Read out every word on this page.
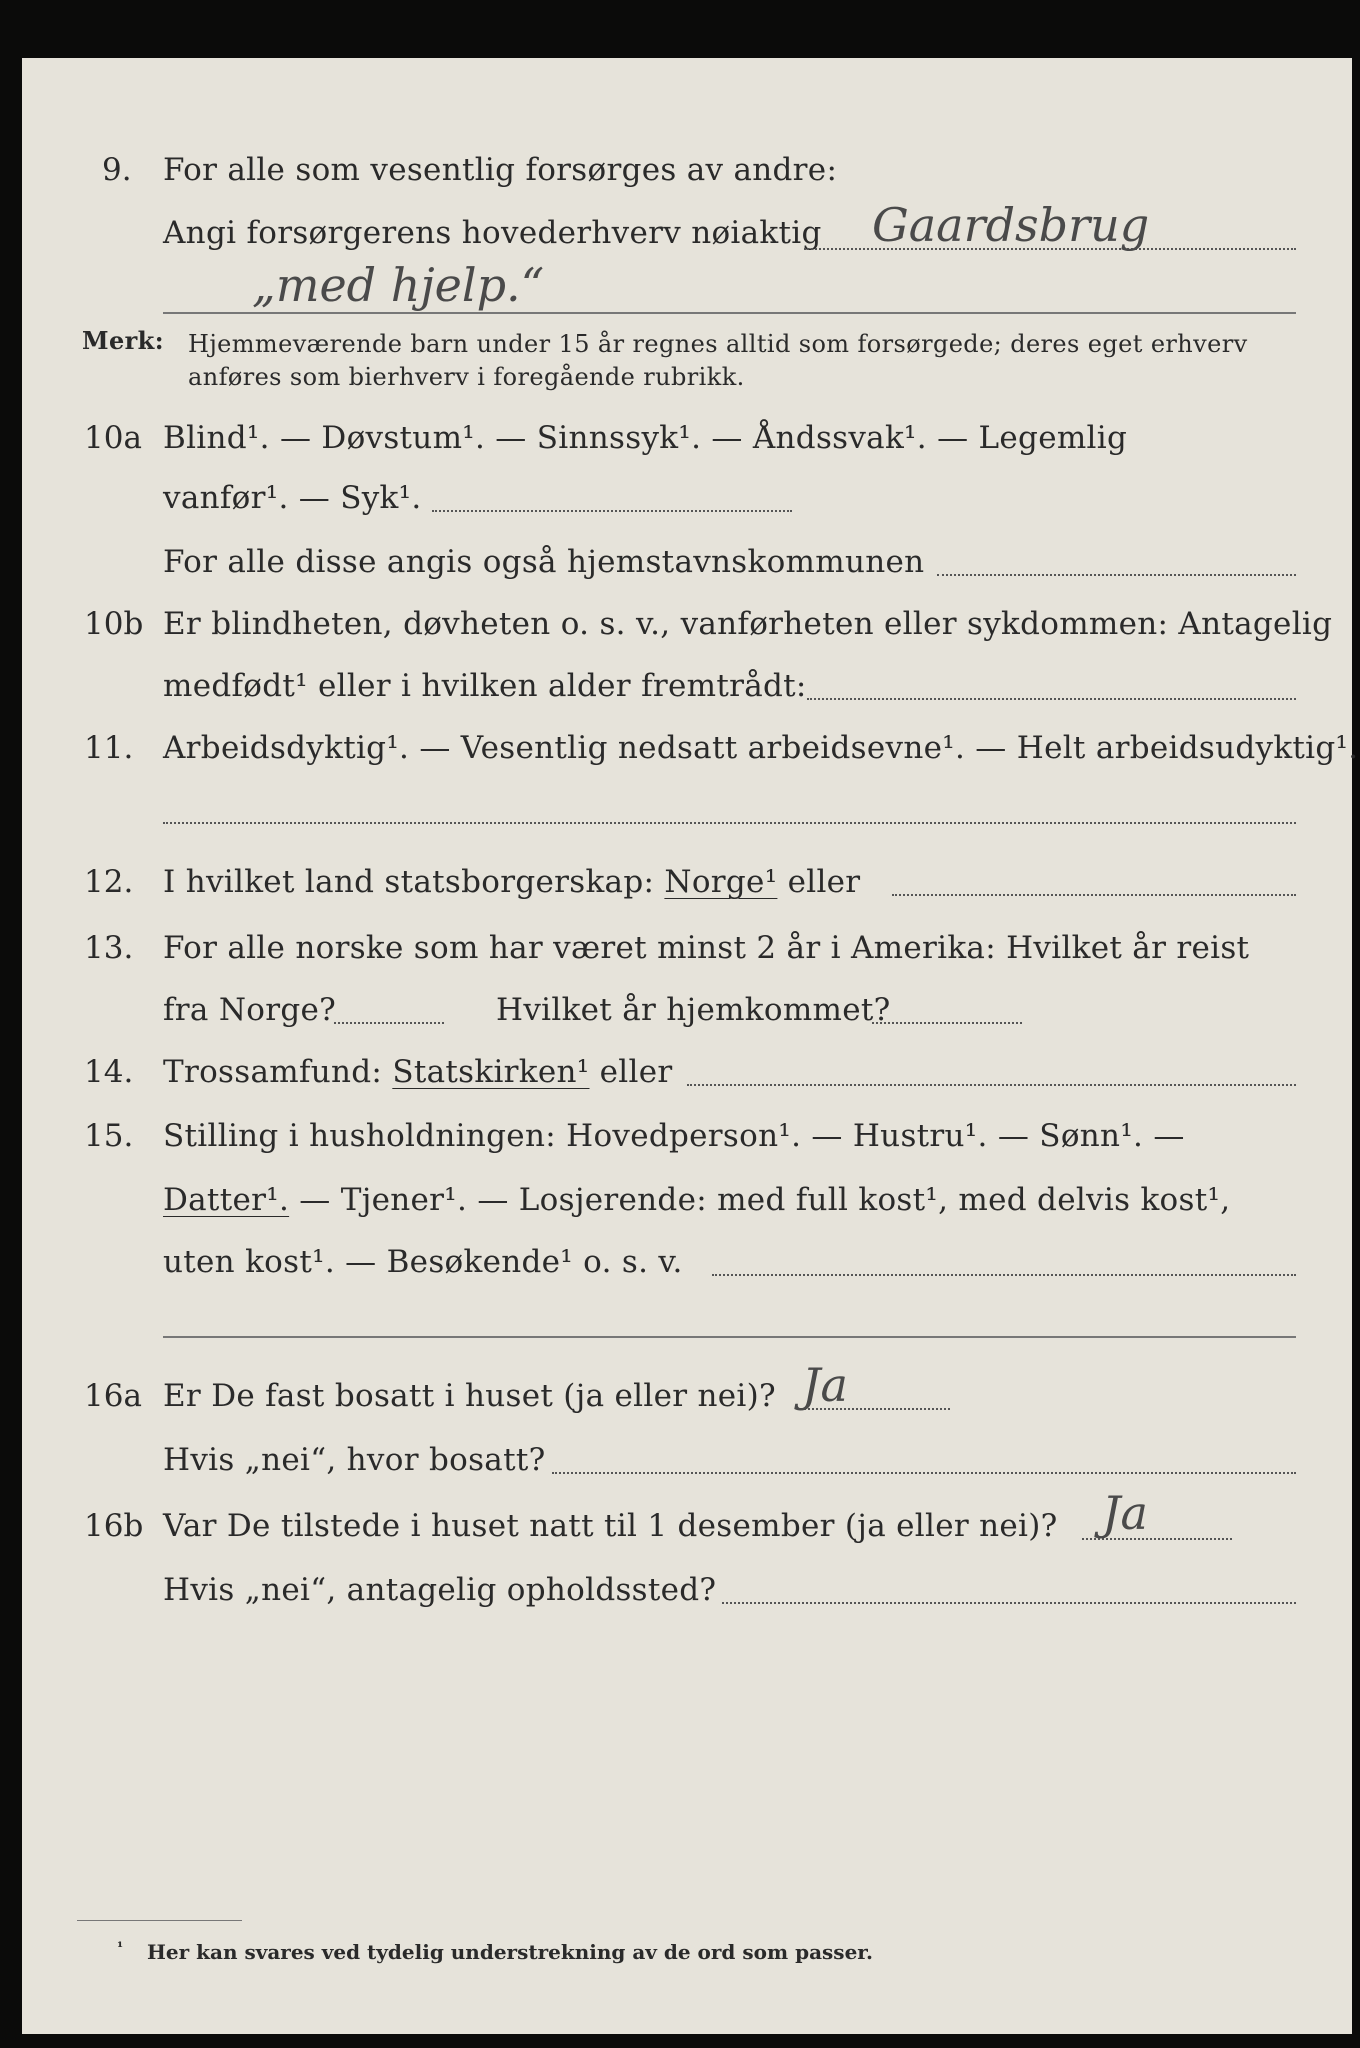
9. For alle som vesentlig forsørges av andre:
Angi forsørgerens hovederhverv nøiaktig Gaardsbrug
„med hjelp.“
Merk: Hjemmeværende barn under 15 år regnes alltid som forsørgede; deres eget erhverv
anføres som bierhverv i foregående rubrikk.
10a Blind¹. — Døvstum¹. — Sinnssyk¹. — Åndssvak¹. — Legemlig
vanfør¹. — Syk¹.
For alle disse angis også hjemstavnskommunen
10b Er blindheten, døvheten o. s. v., vanførheten eller sykdommen: Antagelig
medfødt¹ eller i hvilken alder fremtrådt:
11. Arbeidsdyktig¹. — Vesentlig nedsatt arbeidsevne¹. — Helt arbeidsudyktig¹.
12. I hvilket land statsborgerskap: Norge¹ eller
13. For alle norske som har været minst 2 år i Amerika: Hvilket år reist
fra Norge?	Hvilket år hjemkommet?
14. Trossamfund: Statskirken¹ eller
15. Stilling i husholdningen: Hovedperson¹. — Hustru¹. — Sønn¹. —
Datter¹. — Tjener¹. — Losjerende: med full kost¹, med delvis kost¹,
uten kost¹. — Besøkende¹ o. s. v.
16a Er De fast bosatt i huset (ja eller nei)? Ja
Hvis „nei“, hvor bosatt?
16b Var De tilstede i huset natt til 1 desember (ja eller nei)? Ja
Hvis „nei“, antagelig opholdssted?
¹ Her kan svares ved tydelig understrekning av de ord som passer.
